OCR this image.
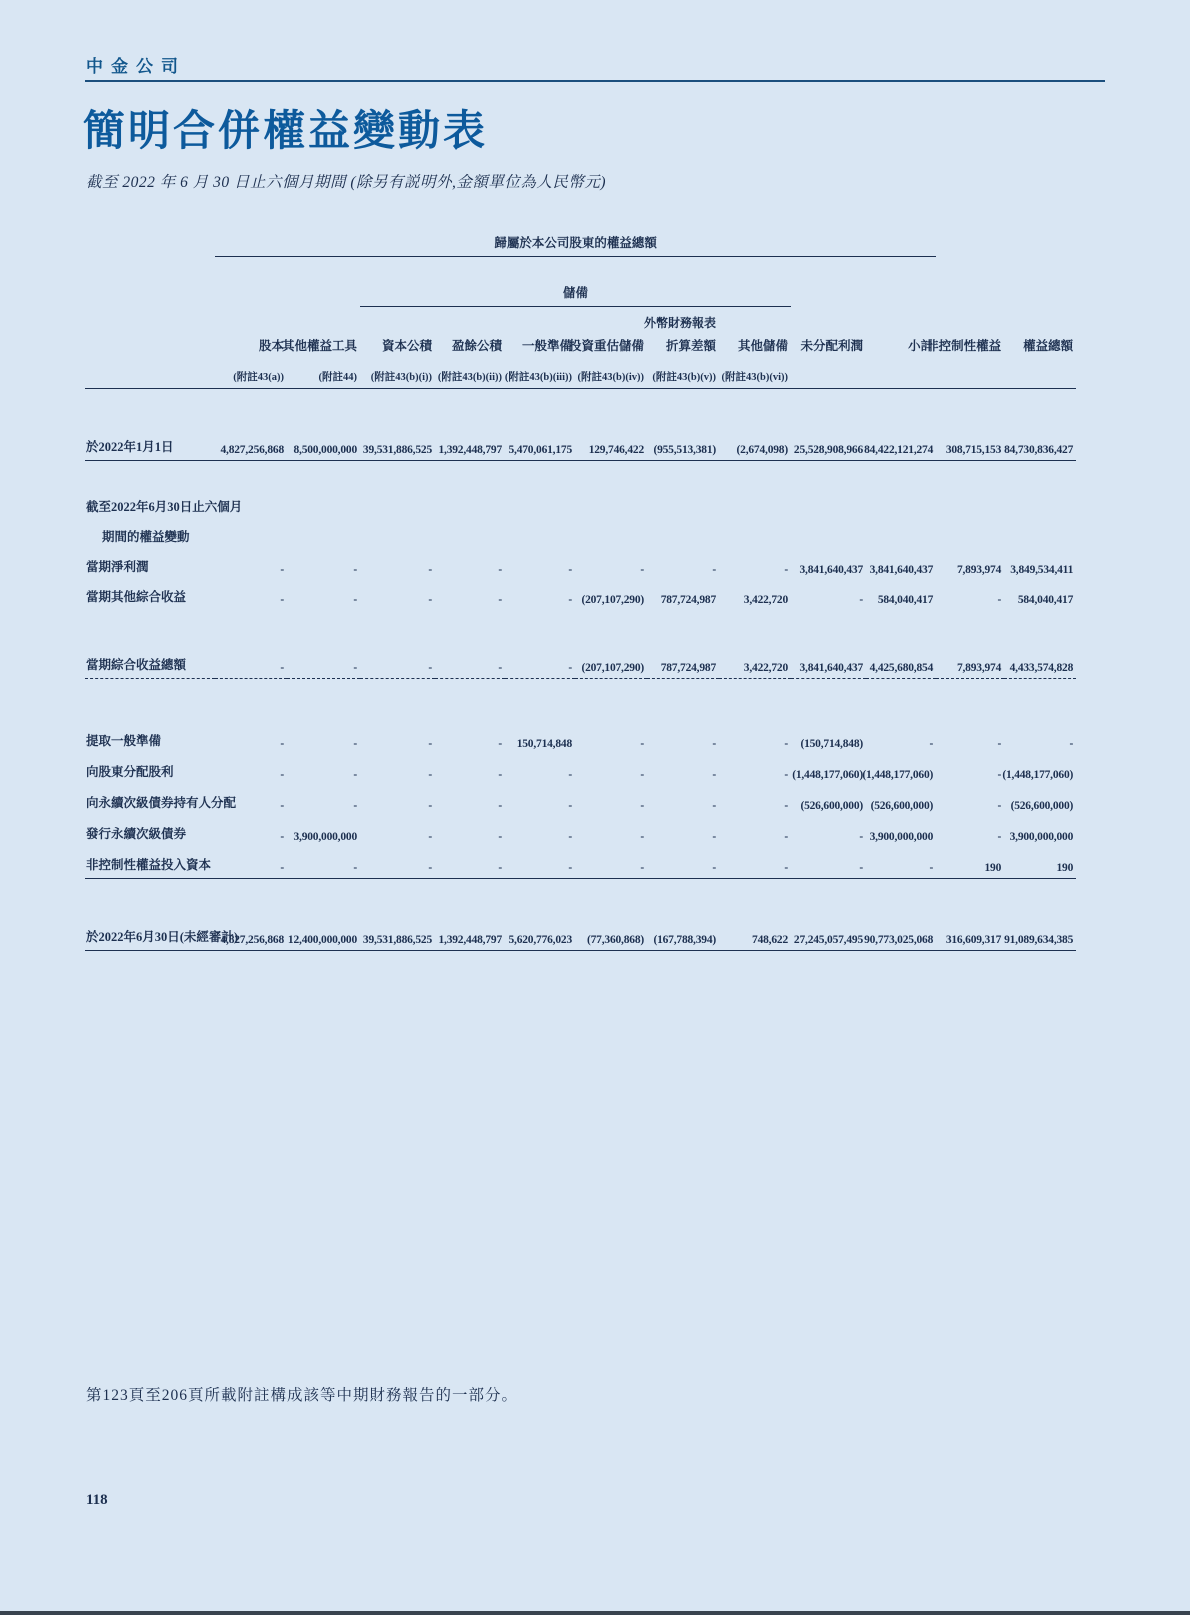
中金公司
簡明合併權益變動表
截至 2022 年 6 月 30 日止六個月期間 (除另有説明外,金額單位為人民幣元)
	歸屬於本公司股東的權益總額											
			儲備									
						外幣財務報表						
	股本	其他權益工具	資本公積	盈餘公積	一般準備	投資重估儲備	折算差額	其他儲備	未分配利潤	小計	非控制性權益	權益總額
	(附註43(a))	(附註44)	(附註43(b)(i))	(附註43(b)(ii))	(附註43(b)(iii))	(附註43(b)(iv))	(附註43(b)(v))	(附註43(b)(vi))				

於2022年1月1日	4,827,256,868	8,500,000,000	39,531,886,525	1,392,448,797	5,470,061,175	129,746,422	(955,513,381)	(2,674,098)	25,528,908,966	84,422,121,274	308,715,153	84,730,836,427

截至2022年6月30日止六個月												
期間的權益變動												
當期淨利潤	-	-	-	-	-	-	-	-	3,841,640,437	3,841,640,437	7,893,974	3,849,534,411
當期其他綜合收益	-	-	-	-	-	(207,107,290)	787,724,987	3,422,720	-	584,040,417	-	584,040,417

當期綜合收益總額	-	-	-	-	-	(207,107,290)	787,724,987	3,422,720	3,841,640,437	4,425,680,854	7,893,974	4,433,574,828

提取一般準備	-	-	-	-	150,714,848	-	-	-	(150,714,848)	-	-	-
向股東分配股利	-	-	-	-	-	-	-	-	(1,448,177,060)	(1,448,177,060)	-	(1,448,177,060)
向永續次級債券持有人分配	-	-	-	-	-	-	-	-	(526,600,000)	(526,600,000)	-	(526,600,000)
發行永續次級債券	-	3,900,000,000	-	-	-	-	-	-	-	3,900,000,000	-	3,900,000,000
非控制性權益投入資本	-	-	-	-	-	-	-	-	-	-	190	190

於2022年6月30日(未經審計)	4,827,256,868	12,400,000,000	39,531,886,525	1,392,448,797	5,620,776,023	(77,360,868)	(167,788,394)	748,622	27,245,057,495	90,773,025,068	316,609,317	91,089,634,385
第123頁至206頁所載附註構成該等中期財務報告的一部分。
118
